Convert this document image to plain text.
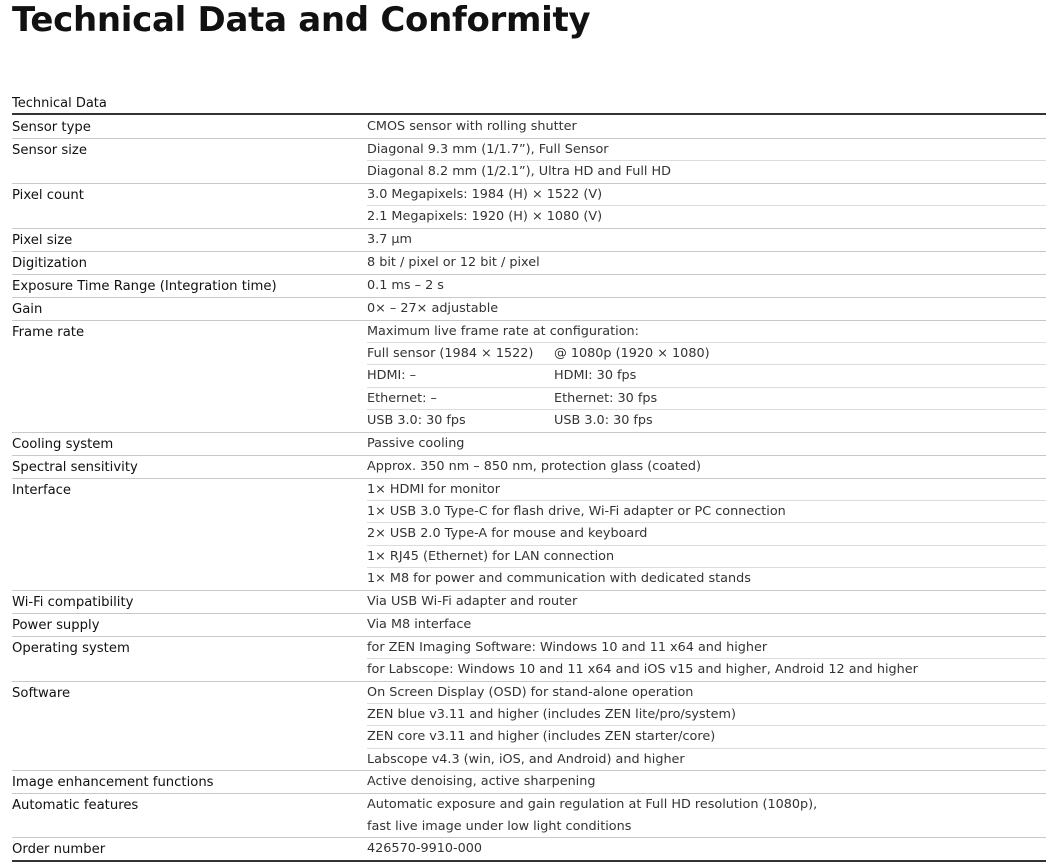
Technical Data and Conformity
Technical Data
Sensor type	CMOS sensor with rolling shutter
Sensor size	Diagonal 9.3 mm (1/1.7”), Full Sensor
Diagonal 8.2 mm (1/2.1”), Ultra HD and Full HD
Pixel count	3.0 Megapixels: 1984 (H) × 1522 (V)
2.1 Megapixels: 1920 (H) × 1080 (V)
Pixel size	3.7 µm
Digitization	8 bit / pixel or 12 bit / pixel
Exposure Time Range (Integration time)	0.1 ms – 2 s
Gain	0× – 27× adjustable
Frame rate	Maximum live frame rate at configuration:
Full sensor (1984 × 1522)	@ 1080p (1920 × 1080)
HDMI: –	HDMI: 30 fps
Ethernet: –	Ethernet: 30 fps
USB 3.0: 30 fps	USB 3.0: 30 fps
Cooling system	Passive cooling
Spectral sensitivity	Approx. 350 nm – 850 nm, protection glass (coated)
Interface	1× HDMI for monitor
1× USB 3.0 Type-C for flash drive, Wi-Fi adapter or PC connection
2× USB 2.0 Type-A for mouse and keyboard
1× RJ45 (Ethernet) for LAN connection
1× M8 for power and communication with dedicated stands
Wi-Fi compatibility	Via USB Wi-Fi adapter and router
Power supply	Via M8 interface
Operating system	for ZEN Imaging Software: Windows 10 and 11 x64 and higher
for Labscope: Windows 10 and 11 x64 and iOS v15 and higher, Android 12 and higher
Software	On Screen Display (OSD) for stand-alone operation
ZEN blue v3.11 and higher (includes ZEN lite/pro/system)
ZEN core v3.11 and higher (includes ZEN starter/core)
Labscope v4.3 (win, iOS, and Android) and higher
Image enhancement functions	Active denoising, active sharpening
Automatic features	Automatic exposure and gain regulation at Full HD resolution (1080p),
fast live image under low light conditions
Order number	426570-9910-000
